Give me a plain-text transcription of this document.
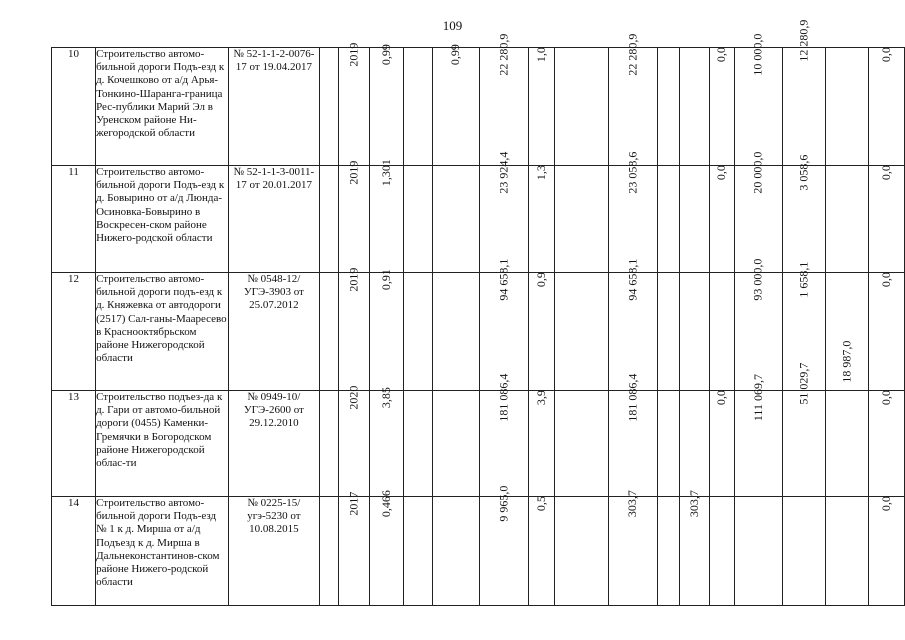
109
10	Строительство автомо-бильной дороги Подъ-езд к д. Кочешково от а/д Арья-Тонкино-Шаранга-граница Рес-публики Марий Эл в Уренском районе Ни-жегородской области	№ 52-1-1-2-0076-17 от 19.04.2017		2019	0,99		0,99	22 280,9	1,0		22 280,9			0,0	10 000,0	12 280,9		0,0
11	Строительство автомо-бильной дороги Подъ-езд к д. Бовырино от а/д Люнда-Осиновка-Бовырино в Воскресен-ском районе Нижего-родской области	№ 52-1-1-3-0011-17 от 20.01.2017		2019	1,301			23 924,4	1,3		23 058,6			0,0	20 000,0	3 058,6		0,0
12	Строительство автомо-бильной дороги подъ-езд к д. Княжевка от автодороги (2517) Сал-ганы-Мааресево в Краснооктябрьском районе Нижегородской области	№ 0548-12/УГЭ-3903 от 25.07.2012		2019	0,91			94 658,1	0,9		94 658,1				93 000,0	1 658,1		0,0
13	Строительство подъез-да к д. Гари от автомо-бильной дороги (0455) Каменки-Гремячки в Богородском районе Нижегородской облас-ти	№ 0949-10/УГЭ-2600 от 29.12.2010		2020	3,85			181 086,4	3,9		181 086,4			0,0	111 069,7	51 029,7	18 987,0	0,0
14	Строительство автомо-бильной дороги Подъ-езд № 1 к д. Мирша от а/д Подъезд к д. Мирша в Дальнеконстантинов-ском районе Нижего-родской области	№ 0225-15/угэ-5230 от 10.08.2015		2017	0,466			9 965,0	0,5		303,7		303,7					0,0
